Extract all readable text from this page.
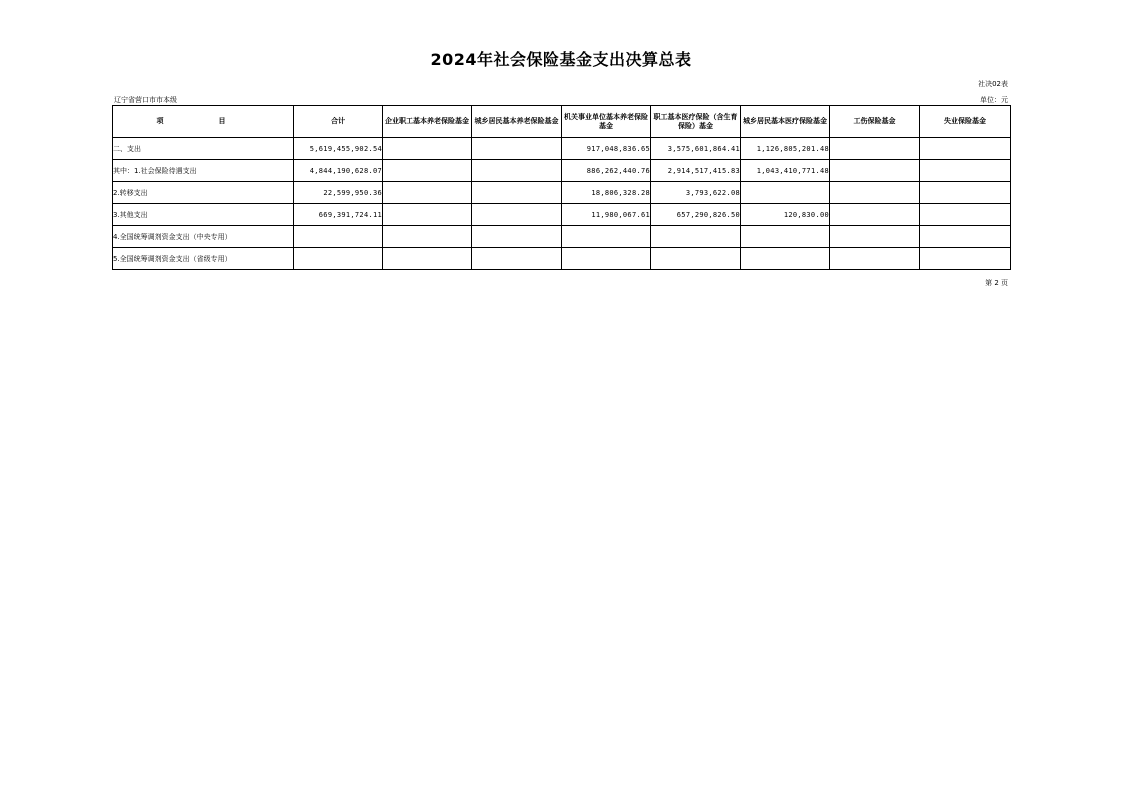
2024年社会保险基金支出决算总表
社决02表
辽宁省营口市市本级	单位：元
项　目	合计	企业职工基本养老保险基金	城乡居民基本养老保险基金	机关事业单位基本养老保险基金	职工基本医疗保险（含生育保险）基金	城乡居民基本医疗保险基金	工伤保险基金	失业保险基金
二、支出	5,619,455,902.54			917,048,836.65	3,575,601,864.41	1,126,805,201.48		
其中：1.社会保险待遇支出	4,844,190,628.07			886,262,440.76	2,914,517,415.83	1,043,410,771.48		
2.转移支出	22,599,950.36			18,806,328.28	3,793,622.08			
3.其他支出	669,391,724.11			11,980,067.61	657,290,826.50	120,830.00		
4.全国统筹调剂资金支出（中央专用）								
5.全国统筹调剂资金支出（省级专用）								
第 2 页
